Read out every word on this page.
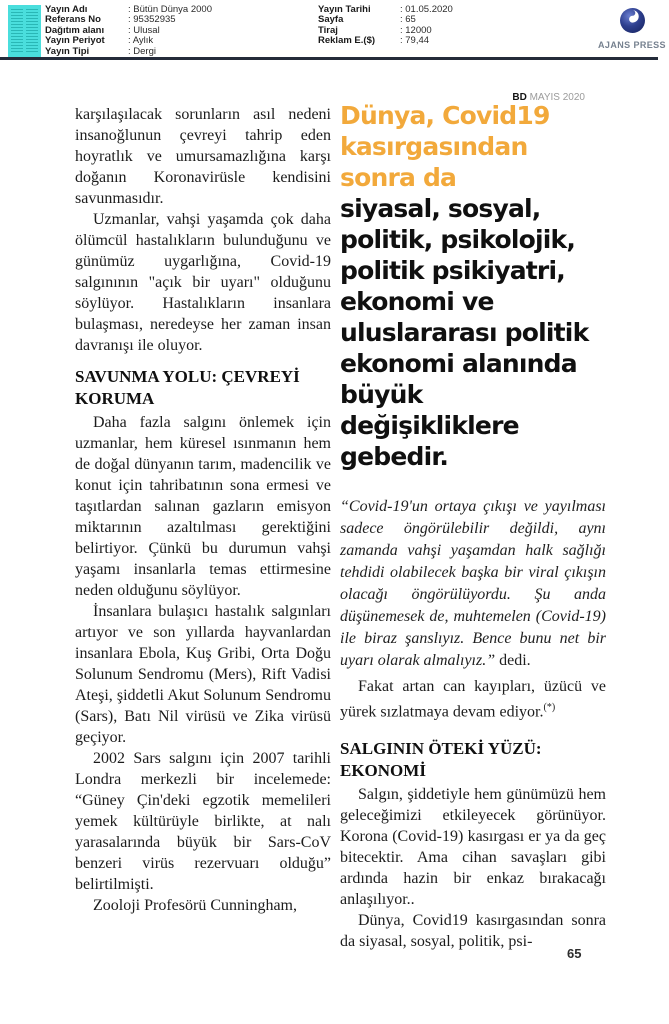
Yayın Adı	: Bütün Dünya 2000
Referans No	: 95352935
Dağıtım alanı	: Ulusal
Yayın Periyot : Aylık
Yayın Tipi	: Dergi
Yayın Tarihi	: 01.05.2020
Sayfa	: 65
Tiraj	: 12000
Reklam E.($)	: 79,44	AJANS PRESS
BD MAYIS 2020

karşılaşılacak sorunların asıl nedeni insanoğlunun çevreyi tahrip eden hoyratlık ve umursamazlığına karşı doğanın Koronavirüsle kendisini savunmasıdır.

Uzmanlar, vahşi yaşamda çok daha ölümcül hastalıkların bulunduğunu ve günümüz uygarlığına, Covid-19 salgınının "açık bir uyarı" olduğunu söylüyor. Hastalıkların insanlara bulaşması, neredeyse her zaman insan davranışı ile oluyor.

SAVUNMA YOLU: ÇEVREYİ KORUMA

Daha fazla salgını önlemek için uzmanlar, hem küresel ısınmanın hem de doğal dünyanın tarım, madencilik ve konut için tahribatının sona ermesi ve taşıtlardan salınan gazların emisyon miktarının azaltılması gerektiğini belirtiyor. Çünkü bu durumun vahşi yaşamı insanlarla temas ettirmesine neden olduğunu söylüyor.

İnsanlara bulaşıcı hastalık salgınları artıyor ve son yıllarda hayvanlardan insanlara Ebola, Kuş Gribi, Orta Doğu Solunum Sendromu (Mers), Rift Vadisi Ateşi, şiddetli Akut Solunum Sendromu (Sars), Batı Nil virüsü ve Zika virüsü geçiyor.

2002 Sars salgını için 2007 tarihli Londra merkezli bir incelemede: “Güney Çin'deki egzotik memelileri yemek kültürüyle birlikte, at nalı yarasalarında büyük bir Sars-CoV benzeri virüs rezervuarı olduğu” belirtilmişti.

Zooloji Profesörü Cunningham,

Dünya, Covid19 kasırgasından sonra da
siyasal, sosyal, politik, psikolojik, politik psikiyatri, ekonomi ve uluslararası politik ekonomi alanında büyük değişikliklere gebedir.

“Covid-19'un ortaya çıkışı ve yayılması sadece öngörülebilir değildi, aynı zamanda vahşi yaşamdan halk sağlığı tehdidi olabilecek başka bir viral çıkışın olacağı öngörülüyordu. Şu anda düşünemesek de, muhtemelen (Covid-19) ile biraz şanslıyız. Bence bunu net bir uyarı olarak almalıyız.” dedi.

Fakat artan can kayıpları, üzücü ve yürek sızlatmaya devam ediyor.(*)

SALGININ ÖTEKİ YÜZÜ: EKONOMİ

Salgın, şiddetiyle hem günümüzü hem geleceğimizi etkileyecek görünüyor. Korona (Covid-19) kasırgası er ya da geç bitecektir. Ama cihan savaşları gibi ardında hazin bir enkaz bırakacağı anlaşılıyor..

Dünya, Covid19 kasırgasından sonra da siyasal, sosyal, politik, psi-

65
